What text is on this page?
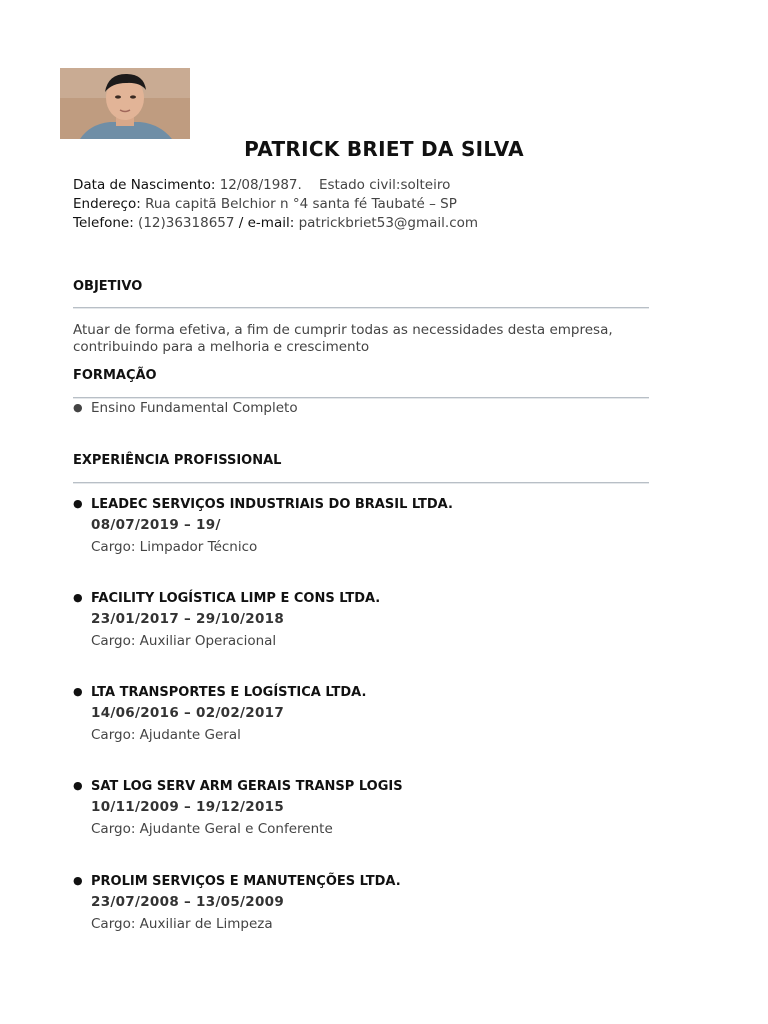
PATRICK BRIET DA SILVA
Data de Nascimento: 12/08/1987. Estado civil:solteiro
Endereço: Rua capitã Belchior n °4 santa fé Taubaté – SP
Telefone: (12)36318657 / e-mail: patrickbriet53@gmail.com
OBJETIVO
Atuar de forma efetiva, a fim de cumprir todas as necessidades desta empresa, contribuindo para a melhoria e crescimento
FORMAÇÃO
● Ensino Fundamental Completo
EXPERIÊNCIA PROFISSIONAL
● LEADEC SERVIÇOS INDUSTRIAIS DO BRASIL LTDA.
08/07/2019 – 19/
Cargo: Limpador Técnico
● FACILITY LOGÍSTICA LIMP E CONS LTDA.
23/01/2017 – 29/10/2018
Cargo: Auxiliar Operacional
● LTA TRANSPORTES E LOGÍSTICA LTDA.
14/06/2016 – 02/02/2017
Cargo: Ajudante Geral
● SAT LOG SERV ARM GERAIS TRANSP LOGIS
10/11/2009 – 19/12/2015
Cargo: Ajudante Geral e Conferente
● PROLIM SERVIÇOS E MANUTENÇÕES LTDA.
23/07/2008 – 13/05/2009
Cargo: Auxiliar de Limpeza
